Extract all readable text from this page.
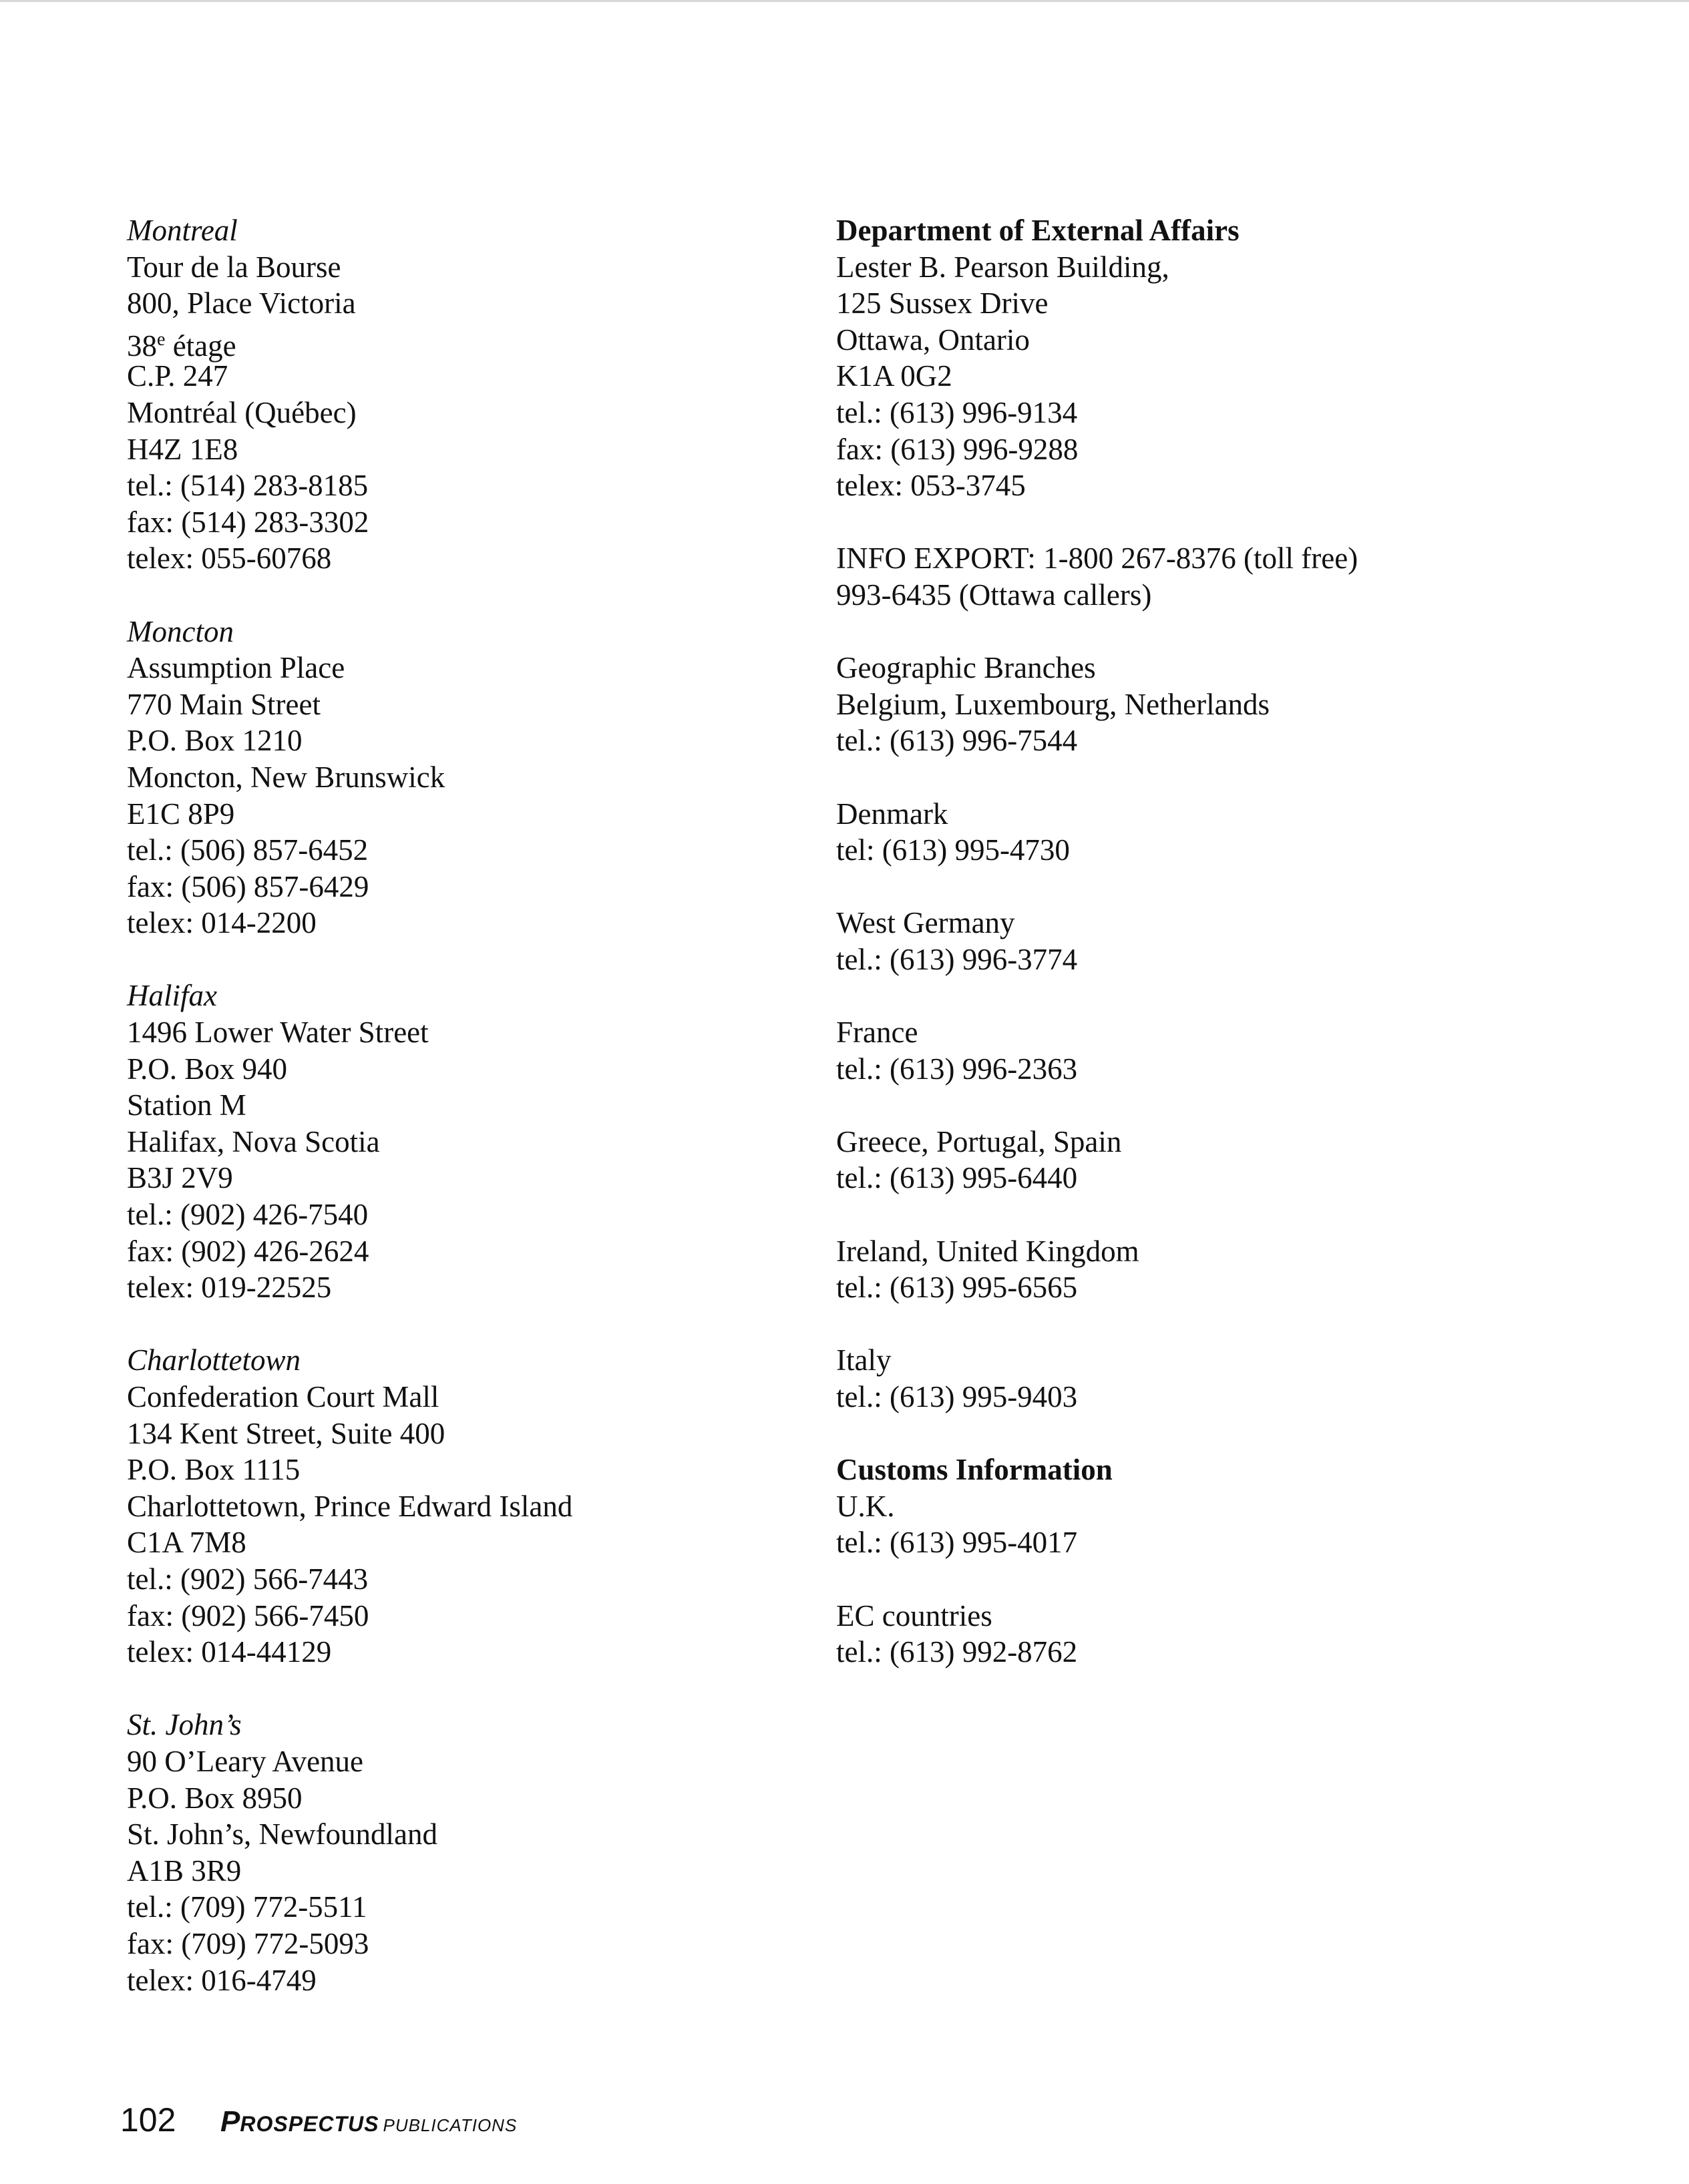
Montreal
Tour de la Bourse
800, Place Victoria
38e étage
C.P. 247
Montréal (Québec)
H4Z 1E8
tel.: (514) 283-8185
fax: (514) 283-3302
telex: 055-60768
Moncton
Assumption Place
770 Main Street
P.O. Box 1210
Moncton, New Brunswick
E1C 8P9
tel.: (506) 857-6452
fax: (506) 857-6429
telex: 014-2200
Halifax
1496 Lower Water Street
P.O. Box 940
Station M
Halifax, Nova Scotia
B3J 2V9
tel.: (902) 426-7540
fax: (902) 426-2624
telex: 019-22525
Charlottetown
Confederation Court Mall
134 Kent Street, Suite 400
P.O. Box 1115
Charlottetown, Prince Edward Island
C1A 7M8
tel.: (902) 566-7443
fax: (902) 566-7450
telex: 014-44129
St. John’s
90 O’Leary Avenue
P.O. Box 8950
St. John’s, Newfoundland
A1B 3R9
tel.: (709) 772-5511
fax: (709) 772-5093
telex: 016-4749
Department of External Affairs
Lester B. Pearson Building,
125 Sussex Drive
Ottawa, Ontario
K1A 0G2
tel.: (613) 996-9134
fax: (613) 996-9288
telex: 053-3745
INFO EXPORT: 1-800 267-8376 (toll free)
993-6435 (Ottawa callers)
Geographic Branches
Belgium, Luxembourg, Netherlands
tel.: (613) 996-7544
Denmark
tel: (613) 995-4730
West Germany
tel.: (613) 996-3774
France
tel.: (613) 996-2363
Greece, Portugal, Spain
tel.: (613) 995-6440
Ireland, United Kingdom
tel.: (613) 995-6565
Italy
tel.: (613) 995-9403
Customs Information
U.K.
tel.: (613) 995-4017
EC countries
tel.: (613) 992-8762
102 PROSPECTUS PUBLICATIONS
